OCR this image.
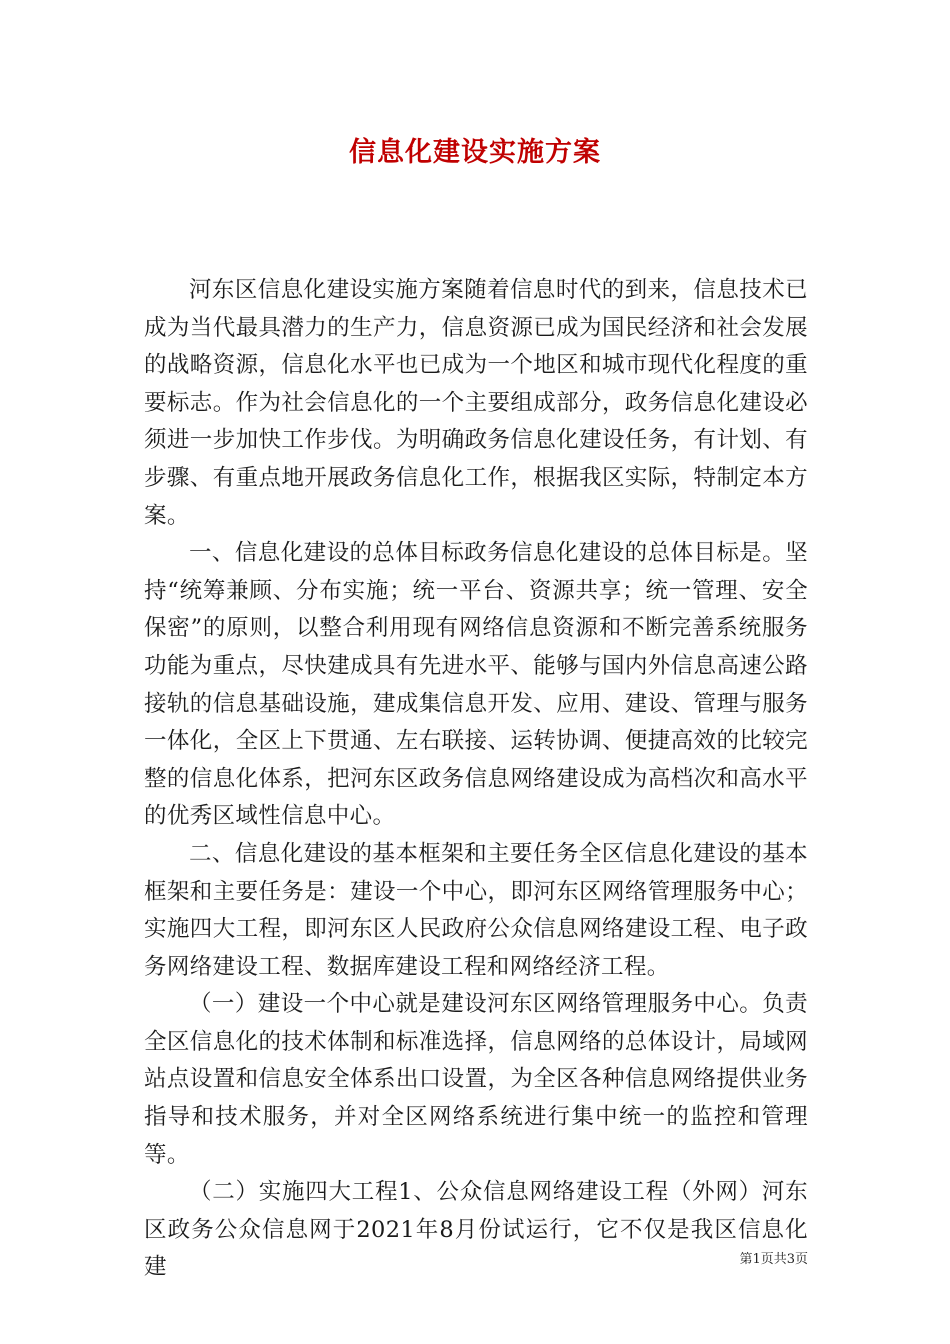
信息化建设实施方案

河东区信息化建设实施方案随着信息时代的到来，信息技术已成为当代最具潜力的生产力，信息资源已成为国民经济和社会发展的战略资源，信息化水平也已成为一个地区和城市现代化程度的重要标志。作为社会信息化的一个主要组成部分，政务信息化建设必须进一步加快工作步伐。为明确政务信息化建设任务，有计划、有步骤、有重点地开展政务信息化工作，根据我区实际，特制定本方案。

一、信息化建设的总体目标政务信息化建设的总体目标是。坚持“统筹兼顾、分布实施；统一平台、资源共享；统一管理、安全保密”的原则，以整合利用现有网络信息资源和不断完善系统服务功能为重点，尽快建成具有先进水平、能够与国内外信息高速公路接轨的信息基础设施，建成集信息开发、应用、建设、管理与服务一体化，全区上下贯通、左右联接、运转协调、便捷高效的比较完整的信息化体系，把河东区政务信息网络建设成为高档次和高水平的优秀区域性信息中心。

二、信息化建设的基本框架和主要任务全区信息化建设的基本框架和主要任务是：建设一个中心，即河东区网络管理服务中心；实施四大工程，即河东区人民政府公众信息网络建设工程、电子政务网络建设工程、数据库建设工程和网络经济工程。

（一）建设一个中心就是建设河东区网络管理服务中心。负责全区信息化的技术体制和标准选择，信息网络的总体设计，局域网站点设置和信息安全体系出口设置，为全区各种信息网络提供业务指导和技术服务，并对全区网络系统进行集中统一的监控和管理等。

（二）实施四大工程1、公众信息网络建设工程（外网）河东区政务公众信息网于2021年8月份试运行，它不仅是我区信息化建	第1页共3页
